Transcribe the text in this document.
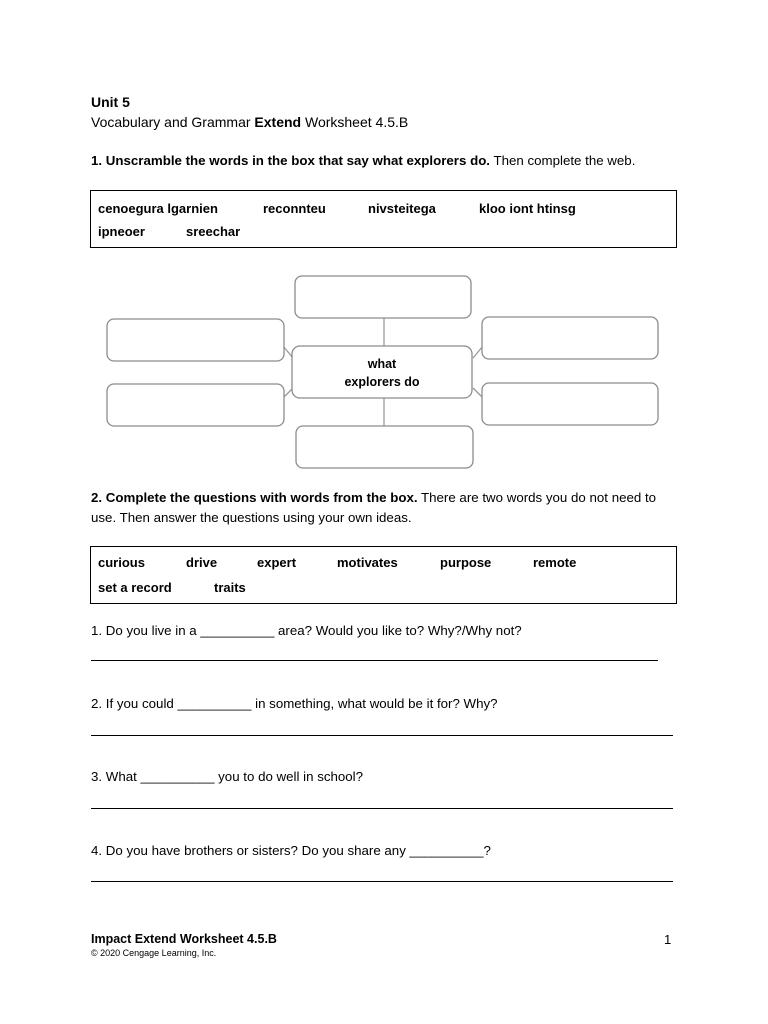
Unit 5
Vocabulary and Grammar Extend Worksheet 4.5.B
1. Unscramble the words in the box that say what explorers do. Then complete the web.
cenoegura lgarnien	reconnteu	nivsteitega	kloo iont htinsg
ipneoer	sreechar
what
explorers do
2. Complete the questions with words from the box. There are two words you do not need to
use. Then answer the questions using your own ideas.
curious	drive	expert	motivates	purpose	remote
set a record	traits
1. Do you live in a __________ area? Would you like to? Why?/Why not?
2. If you could __________ in something, what would be it for? Why?
3. What __________ you to do well in school?
4. Do you have brothers or sisters? Do you share any __________?
Impact Extend Worksheet 4.5.B
© 2020 Cengage Learning, Inc.
1
